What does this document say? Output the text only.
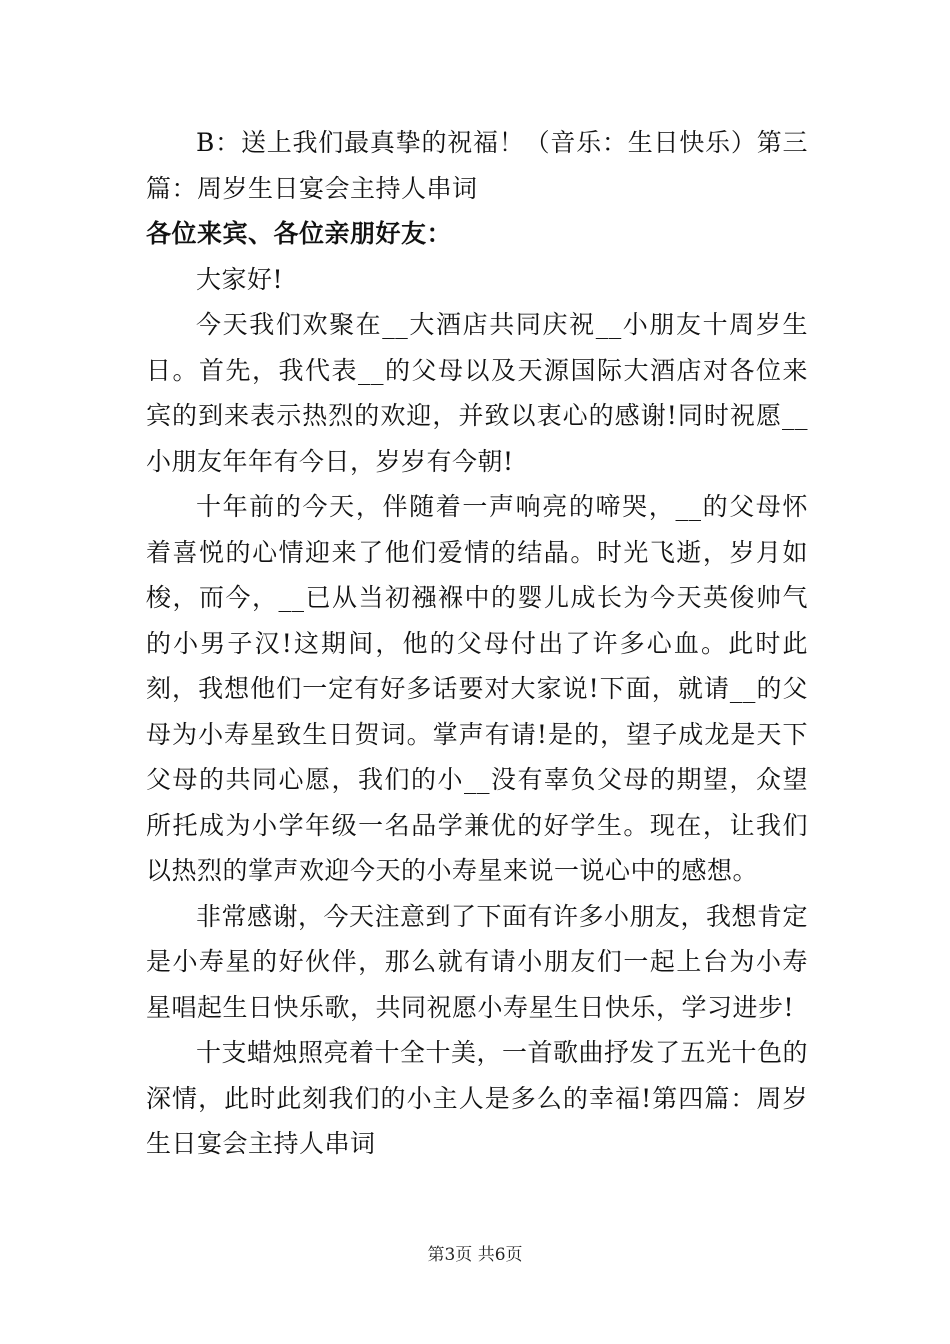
B：送上我们最真挚的祝福！（音乐：生日快乐）第三篇：周岁生日宴会主持人串词

各位来宾、各位亲朋好友：

大家好!

今天我们欢聚在__大酒店共同庆祝__小朋友十周岁生日。首先，我代表__的父母以及天源国际大酒店对各位来宾的到来表示热烈的欢迎，并致以衷心的感谢!同时祝愿__小朋友年年有今日，岁岁有今朝!

十年前的今天，伴随着一声响亮的啼哭，__的父母怀着喜悦的心情迎来了他们爱情的结晶。时光飞逝，岁月如梭，而今，__已从当初襁褓中的婴儿成长为今天英俊帅气的小男子汉!这期间，他的父母付出了许多心血。此时此刻，我想他们一定有好多话要对大家说!下面，就请__的父母为小寿星致生日贺词。掌声有请!是的，望子成龙是天下父母的共同心愿，我们的小__没有辜负父母的期望，众望所托成为小学年级一名品学兼优的好学生。现在，让我们以热烈的掌声欢迎今天的小寿星来说一说心中的感想。

非常感谢，今天注意到了下面有许多小朋友，我想肯定是小寿星的好伙伴，那么就有请小朋友们一起上台为小寿星唱起生日快乐歌，共同祝愿小寿星生日快乐，学习进步!

十支蜡烛照亮着十全十美，一首歌曲抒发了五光十色的深情，此时此刻我们的小主人是多么的幸福!第四篇：周岁生日宴会主持人串词

第3页 共6页
